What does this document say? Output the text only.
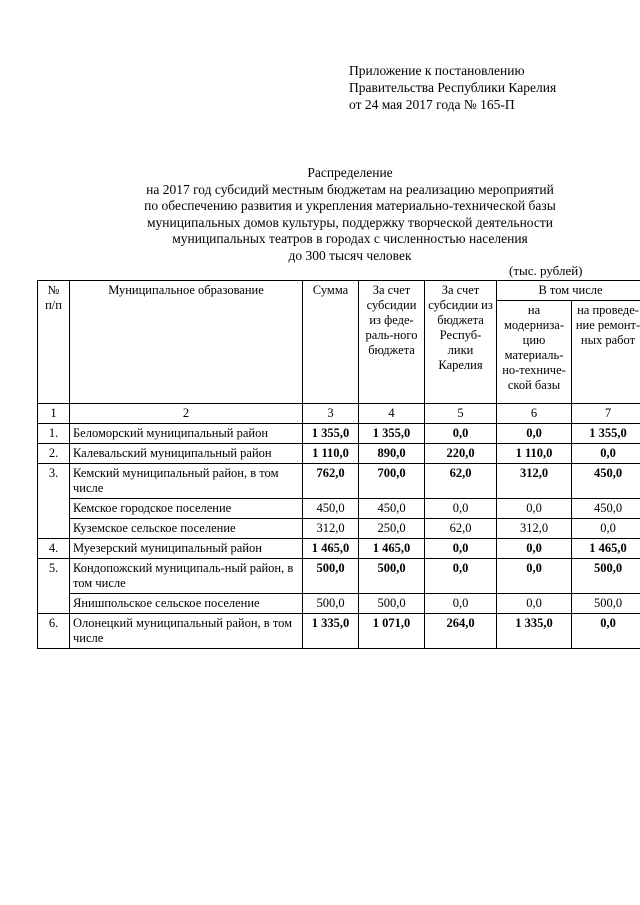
Приложение к постановлению
Правительства Республики Карелия
от 24 мая 2017 года № 165-П
Распределение
на 2017 год субсидий местным бюджетам на реализацию мероприятий
по обеспечению развития и укрепления материально-технической базы
муниципальных домов культуры, поддержку творческой деятельности
муниципальных театров в городах с численностью населения
до 300 тысяч человек
(тыс. рублей)
№ п/п	Муниципальное образование	Сумма	За счет субсидии из феде-раль-ного бюджета	За счет субсидии из бюджета Респуб-лики Карелия	В том числе	
					на модерниза-цию материаль-но-техниче-ской базы	на проведе-ние ремонт-ных работ
1	2	3	4	5	6	7
1.	Беломорский муниципальный район	1 355,0	1 355,0	0,0	0,0	1 355,0
2.	Калевальский муниципальный район	1 110,0	890,0	220,0	1 110,0	0,0
3.	Кемский муниципальный район, в том числе	762,0	700,0	62,0	312,0	450,0
	Кемское городское поселение	450,0	450,0	0,0	0,0	450,0
	Куземское сельское поселение	312,0	250,0	62,0	312,0	0,0
4.	Муезерский муниципальный район	1 465,0	1 465,0	0,0	0,0	1 465,0
5.	Кондопожский муниципаль-ный район, в том числе	500,0	500,0	0,0	0,0	500,0
	Янишпольское сельское поселение	500,0	500,0	0,0	0,0	500,0
6.	Олонецкий муниципальный район, в том числе	1 335,0	1 071,0	264,0	1 335,0	0,0
